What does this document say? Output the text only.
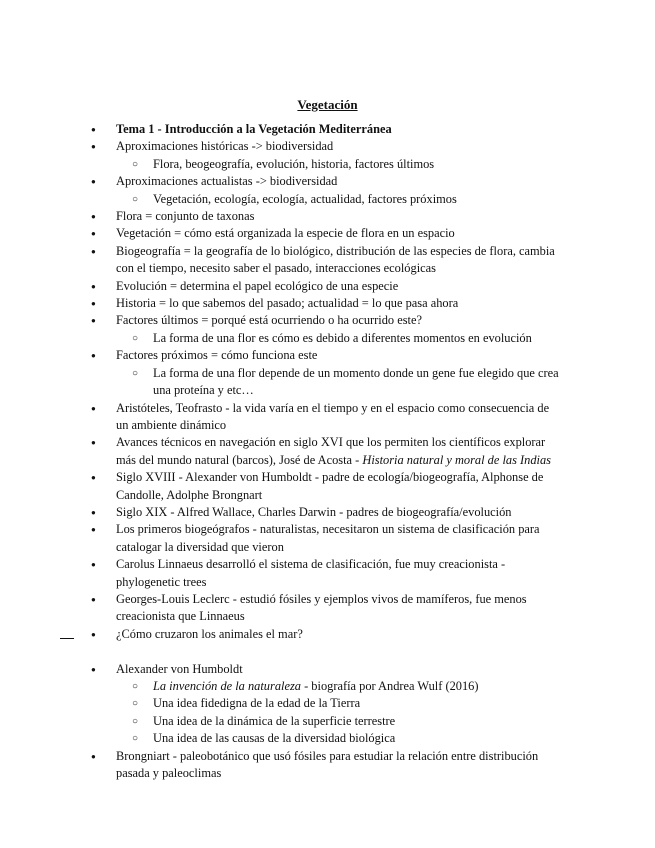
Vegetación
● Tema 1 - Introducción a la Vegetación Mediterránea
● Aproximaciones históricas -> biodiversidad
○ Flora, beogeografía, evolución, historia, factores últimos
● Aproximaciones actualistas -> biodiversidad
○ Vegetación, ecología, ecología, actualidad, factores próximos
● Flora = conjunto de taxonas
● Vegetación = cómo está organizada la especie de flora en un espacio
● Biogeografía = la geografía de lo biológico, distribución de las especies de flora, cambia
con el tiempo, necesito saber el pasado, interacciones ecológicas
● Evolución = determina el papel ecológico de una especie
● Historia = lo que sabemos del pasado; actualidad = lo que pasa ahora
● Factores últimos = porqué está ocurriendo o ha ocurrido este?
○ La forma de una flor es cómo es debido a diferentes momentos en evolución
● Factores próximos = cómo funciona este
○ La forma de una flor depende de un momento donde un gene fue elegido que crea
una proteína y etc…
● Aristóteles, Teofrasto - la vida varía en el tiempo y en el espacio como consecuencia de
un ambiente dinámico
● Avances técnicos en navegación en siglo XVI que los permiten los científicos explorar
más del mundo natural (barcos), José de Acosta - Historia natural y moral de las Indias
● Siglo XVIII - Alexander von Humboldt - padre de ecología/biogeografía, Alphonse de
Candolle, Adolphe Brongnart
● Siglo XIX - Alfred Wallace, Charles Darwin - padres de biogeografía/evolución
● Los primeros biogeógrafos - naturalistas, necesitaron un sistema de clasificación para
catalogar la diversidad que vieron
● Carolus Linnaeus desarrolló el sistema de clasificación, fue muy creacionista -
phylogenetic trees
● Georges-Louis Leclerc - estudió fósiles y ejemplos vivos de mamíferos, fue menos
creacionista que Linnaeus
● ¿Cómo cruzaron los animales el mar?
● Alexander von Humboldt
○ La invención de la naturaleza - biografía por Andrea Wulf (2016)
○ Una idea fidedigna de la edad de la Tierra
○ Una idea de la dinámica de la superficie terrestre
○ Una idea de las causas de la diversidad biológica
● Brongniart - paleobotánico que usó fósiles para estudiar la relación entre distribución
pasada y paleoclimas
